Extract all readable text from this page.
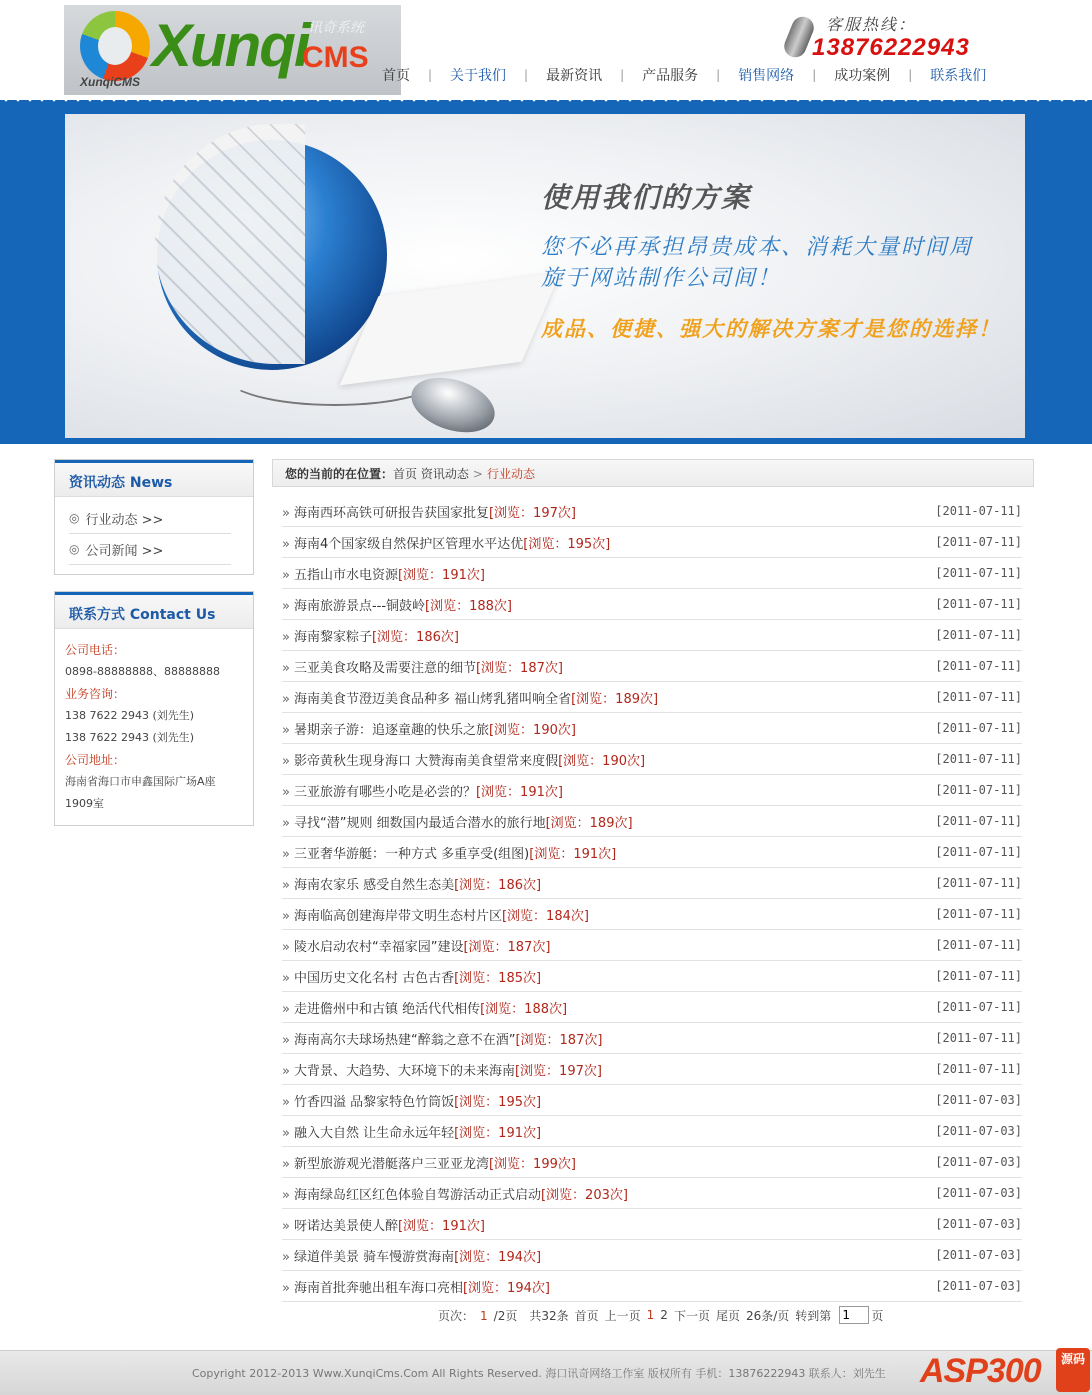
Xunqi
CMS
讯奇系统
XunqiCMS
客服热线：
13876222943
首页	|	关于我们	|	最新资讯	|	产品服务	|	销售网络	|	成功案例	|	联系我们
使用我们的方案
您不必再承担昂贵成本、消耗大量时间周
旋于网站制作公司间！
成品、便捷、强大的解决方案才是您的选择！
资讯动态 News
◎ 行业动态 >>
◎ 公司新闻 >>
联系方式 Contact Us
公司电话：
0898-88888888、88888888
业务咨询：
138 7622 2943 (刘先生)
138 7622 2943 (刘先生)
公司地址：
海南省海口市申鑫国际广场A座
1909室
您的当前的在位置：首页 资讯动态 > 行业动态
» 海南西环高铁可研报告获国家批复[浏览：197次]	[2011-07-11]
» 海南4个国家级自然保护区管理水平达优[浏览：195次]	[2011-07-11]
» 五指山市水电资源[浏览：191次]	[2011-07-11]
» 海南旅游景点---铜鼓岭[浏览：188次]	[2011-07-11]
» 海南黎家粽子[浏览：186次]	[2011-07-11]
» 三亚美食攻略及需要注意的细节[浏览：187次]	[2011-07-11]
» 海南美食节澄迈美食品种多 福山烤乳猪叫响全省[浏览：189次]	[2011-07-11]
» 暑期亲子游：追逐童趣的快乐之旅[浏览：190次]	[2011-07-11]
» 影帝黄秋生现身海口 大赞海南美食望常来度假[浏览：190次]	[2011-07-11]
» 三亚旅游有哪些小吃是必尝的？[浏览：191次]	[2011-07-11]
» 寻找“潜”规则 细数国内最适合潜水的旅行地[浏览：189次]	[2011-07-11]
» 三亚奢华游艇：一种方式 多重享受(组图)[浏览：191次]	[2011-07-11]
» 海南农家乐 感受自然生态美[浏览：186次]	[2011-07-11]
» 海南临高创建海岸带文明生态村片区[浏览：184次]	[2011-07-11]
» 陵水启动农村“幸福家园”建设[浏览：187次]	[2011-07-11]
» 中国历史文化名村 古色古香[浏览：185次]	[2011-07-11]
» 走进儋州中和古镇 绝活代代相传[浏览：188次]	[2011-07-11]
» 海南高尔夫球场热建“醉翁之意不在酒”[浏览：187次]	[2011-07-11]
» 大背景、大趋势、大环境下的未来海南[浏览：197次]	[2011-07-11]
» 竹香四溢 品黎家特色竹筒饭[浏览：195次]	[2011-07-03]
» 融入大自然 让生命永远年轻[浏览：191次]	[2011-07-03]
» 新型旅游观光潜艇落户三亚亚龙湾[浏览：199次]	[2011-07-03]
» 海南绿岛红区红色体验自驾游活动正式启动[浏览：203次]	[2011-07-03]
» 呀诺达美景使人醉[浏览：191次]	[2011-07-03]
» 绿道伴美景 骑车慢游赏海南[浏览：194次]	[2011-07-03]
» 海南首批奔驰出租车海口亮相[浏览：194次]	[2011-07-03]
页次： 1 /2页	共32条 首页 上一页 1 2 下一页 尾页 26条/页 转到第
1	页
Copyright 2012-2013 Www.XunqiCms.Com All Rights Reserved. 海口讯奇网络工作室 版权所有 手机：13876222943 联系人：刘先生 ASP300	源码
